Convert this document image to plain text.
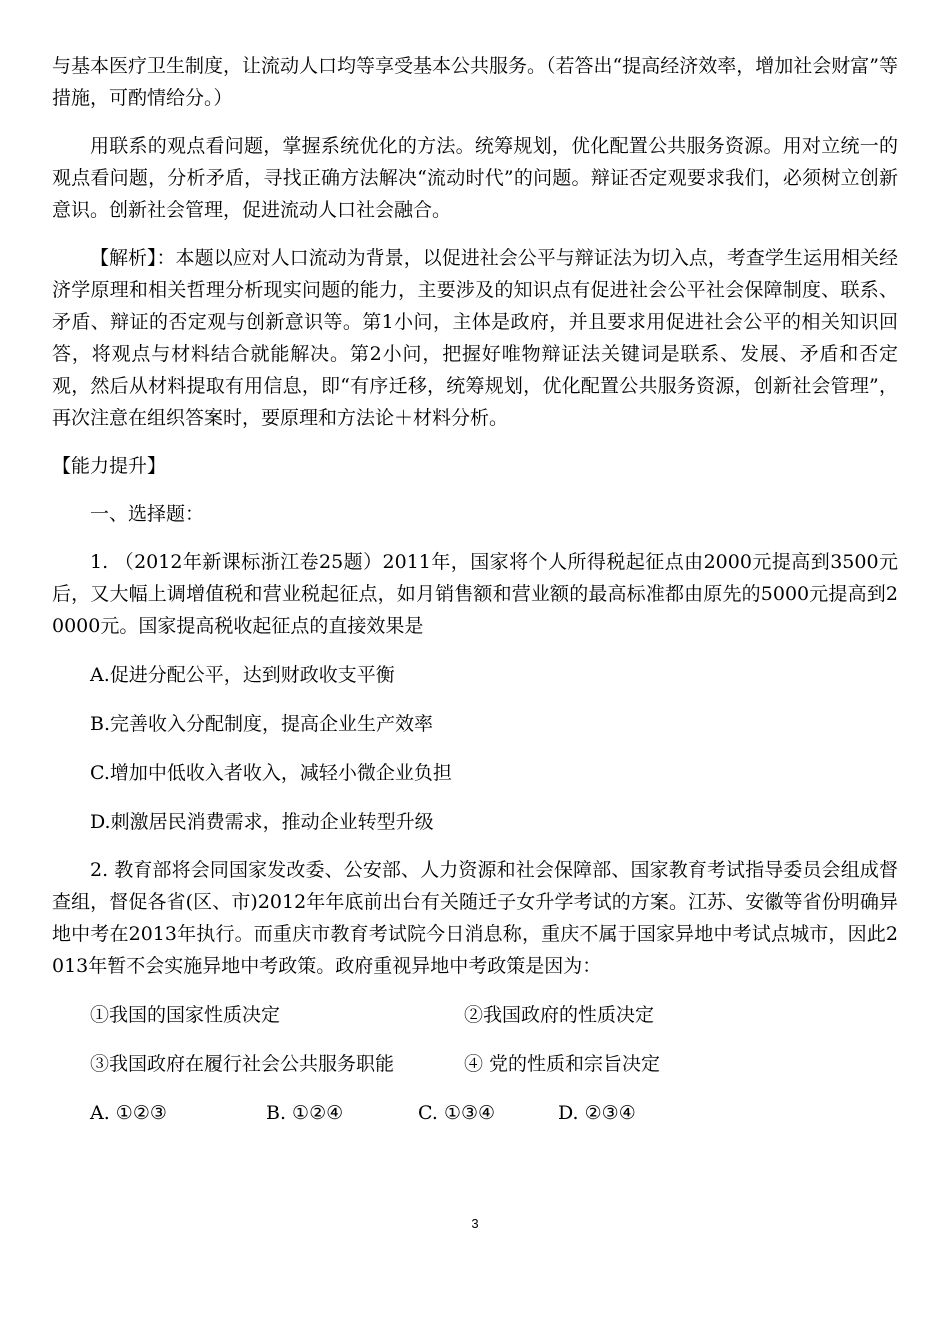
与基本医疗卫生制度，让流动人口均等享受基本公共服务。（若答出“提高经济效率，增加社会财富”等措施，可酌情给分。）

用联系的观点看问题，掌握系统优化的方法。统筹规划，优化配置公共服务资源。用对立统一的观点看问题，分析矛盾，寻找正确方法解决“流动时代”的问题。辩证否定观要求我们，必须树立创新意识。创新社会管理，促进流动人口社会融合。

【解析】：本题以应对人口流动为背景，以促进社会公平与辩证法为切入点，考查学生运用相关经济学原理和相关哲理分析现实问题的能力，主要涉及的知识点有促进社会公平社会保障制度、联系、矛盾、辩证的否定观与创新意识等。第1小问，主体是政府，并且要求用促进社会公平的相关知识回答，将观点与材料结合就能解决。第2小问，把握好唯物辩证法关键词是联系、发展、矛盾和否定观，然后从材料提取有用信息，即“有序迁移，统筹规划，优化配置公共服务资源，创新社会管理”，再次注意在组织答案时，要原理和方法论＋材料分析。

【能力提升】

一、选择题：

1. （2012年新课标浙江卷25题）2011年，国家将个人所得税起征点由2000元提高到3500元后，又大幅上调增值税和营业税起征点，如月销售额和营业额的最高标准都由原先的5000元提高到20000元。国家提高税收起征点的直接效果是

A.促进分配公平，达到财政收支平衡

B.完善收入分配制度，提高企业生产效率

C.增加中低收入者收入，减轻小微企业负担

D.刺激居民消费需求，推动企业转型升级

2. 教育部将会同国家发改委、公安部、人力资源和社会保障部、国家教育考试指导委员会组成督查组，督促各省(区、市)2012年年底前出台有关随迁子女升学考试的方案。江苏、安徽等省份明确异地中考在2013年执行。而重庆市教育考试院今日消息称，重庆不属于国家异地中考试点城市，因此2013年暂不会实施异地中考政策。政府重视异地中考政策是因为：

①我国的国家性质决定	②我国政府的性质决定
③我国政府在履行社会公共服务职能	④ 党的性质和宗旨决定
A. ①②③	B. ①②④	C. ①③④	D. ②③④
3
